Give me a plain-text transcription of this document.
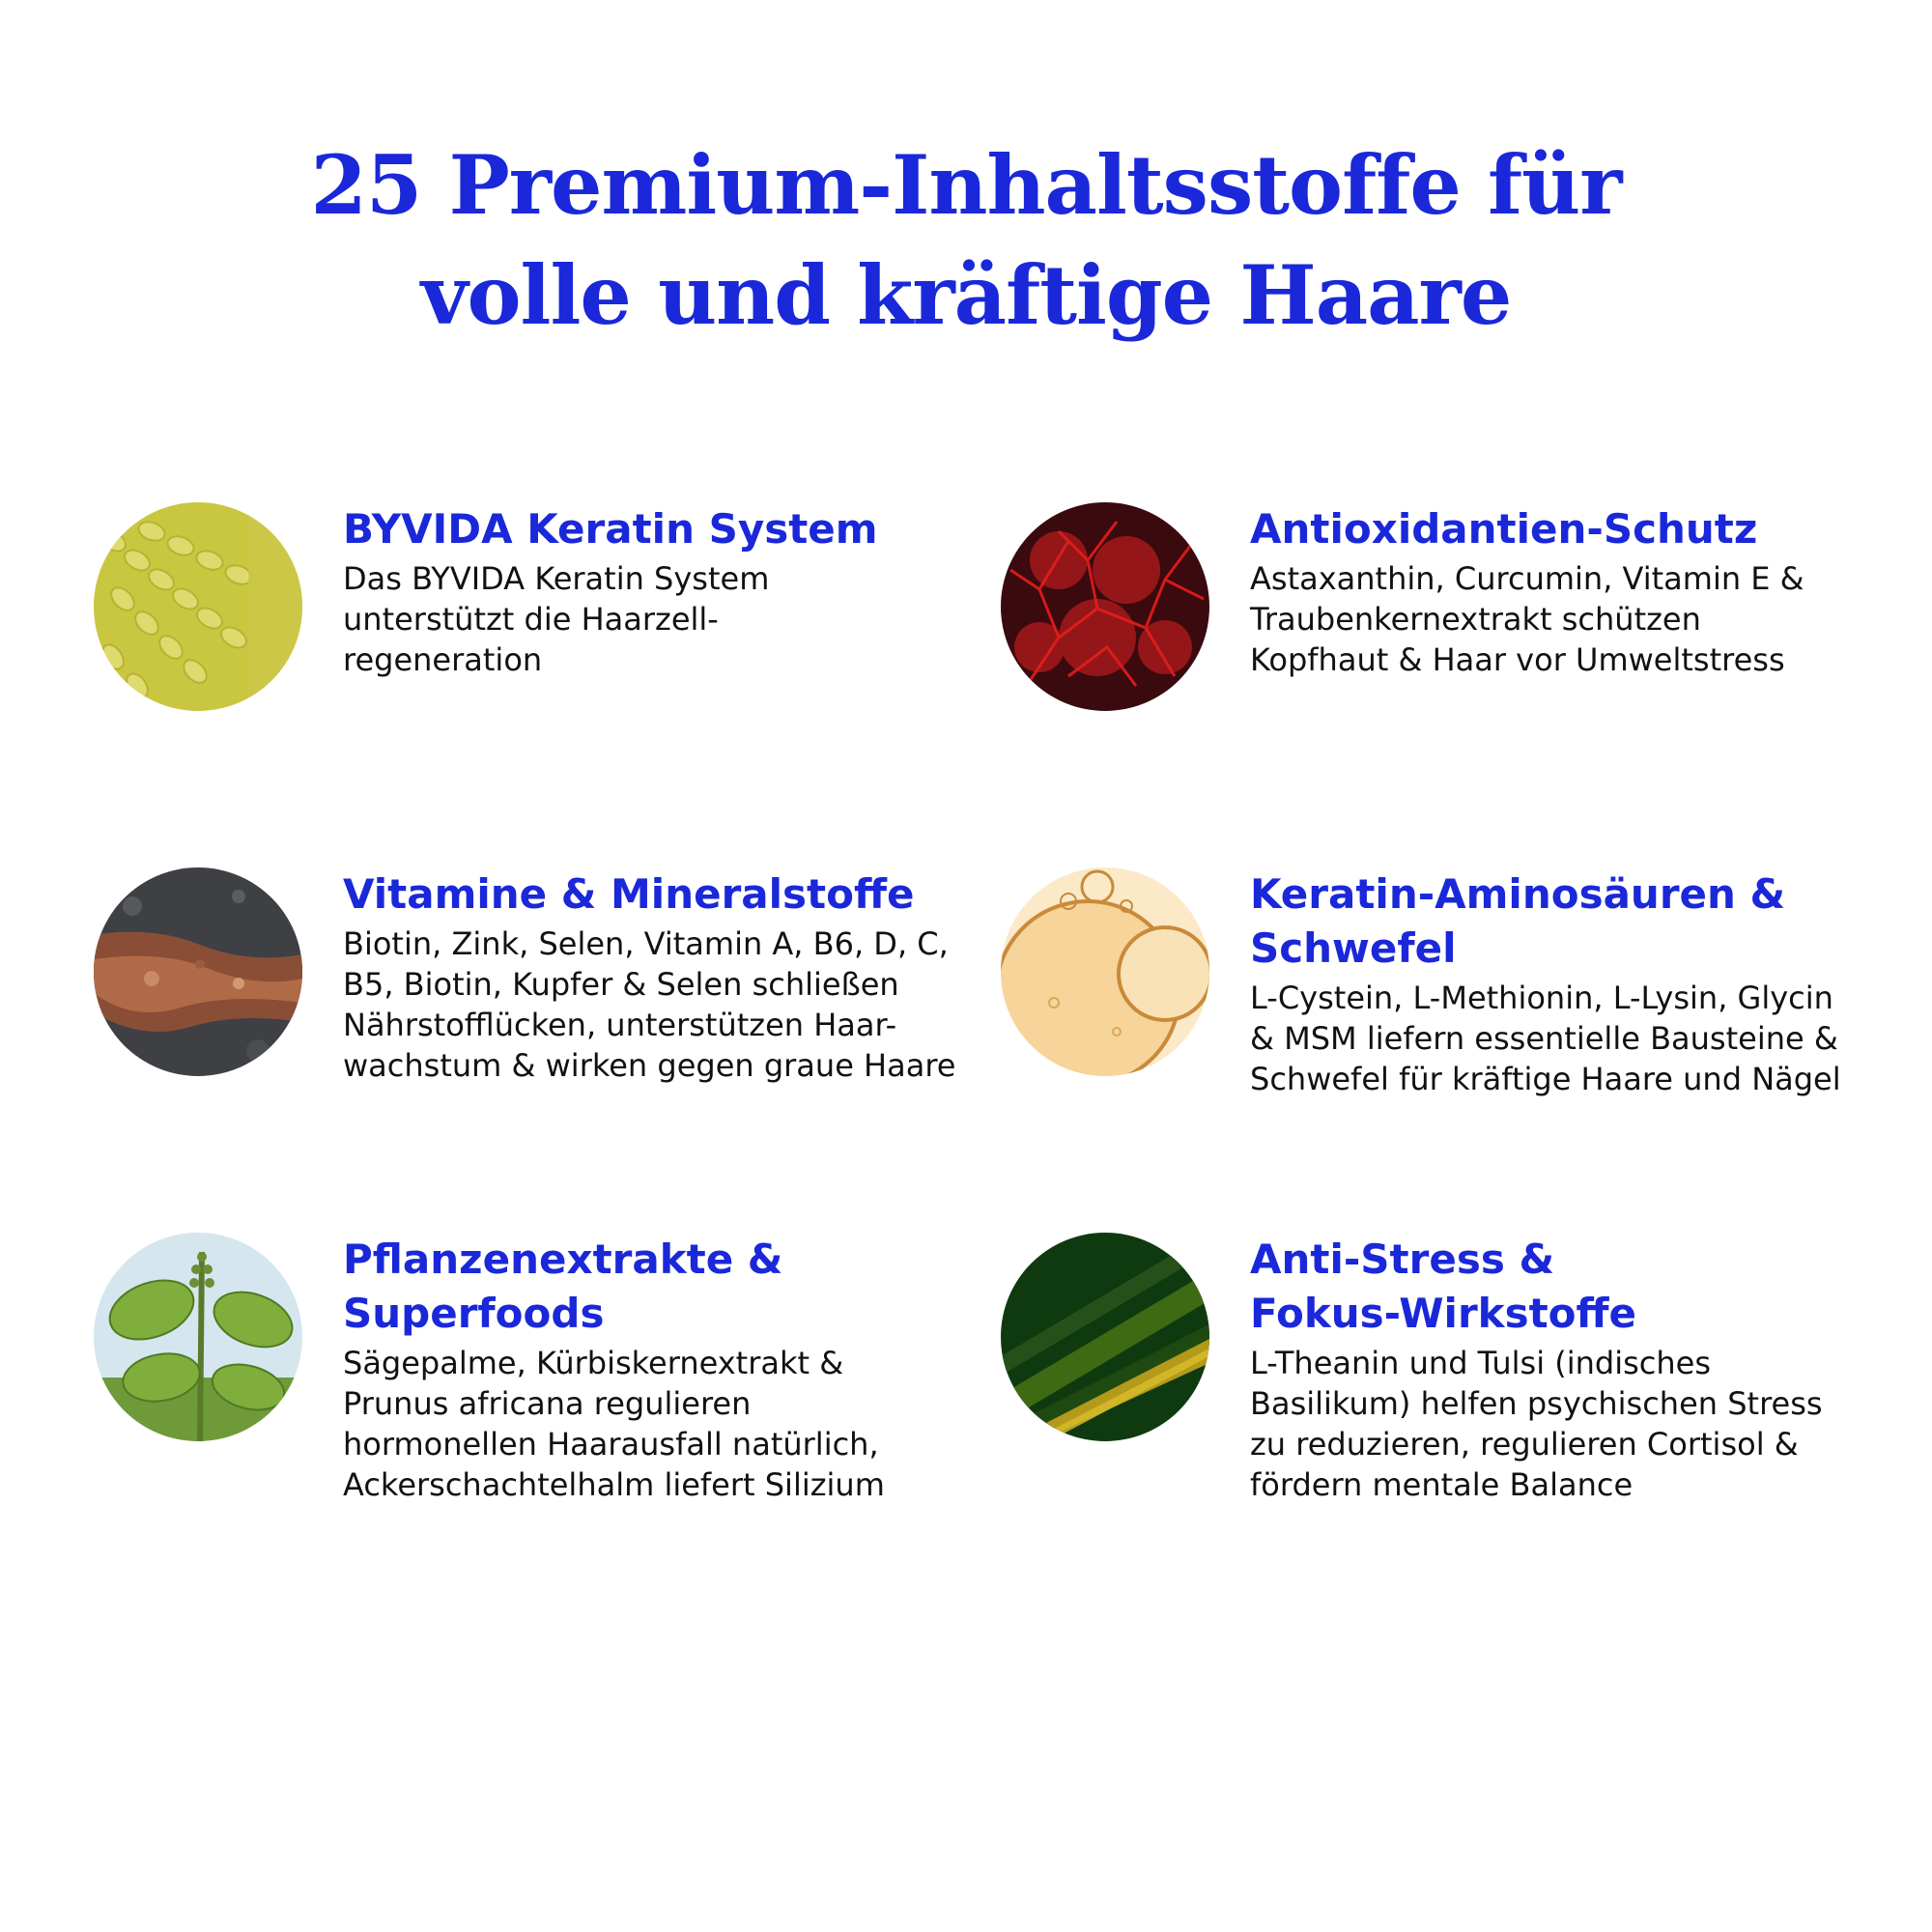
25 Premium-Inhaltsstoffe für
volle und kräftige Haare
BYVIDA Keratin System

Das BYVIDA Keratin System
unterstützt die Haarzell-
regeneration

Antioxidantien-Schutz

Astaxanthin, Curcumin, Vitamin E &
Traubenkernextrakt schützen
Kopfhaut & Haar vor Umweltstress

Vitamine & Mineralstoffe

Biotin, Zink, Selen, Vitamin A, B6, D, C,
B5, Biotin, Kupfer & Selen schließen
Nährstofflücken, unterstützen Haar-
wachstum & wirken gegen graue Haare

Keratin-Aminosäuren &
Schwefel

L-Cystein, L-Methionin, L-Lysin, Glycin
& MSM liefern essentielle Bausteine &
Schwefel für kräftige Haare und Nägel

Pflanzenextrakte &
Superfoods

Sägepalme, Kürbiskernextrakt &
Prunus africana regulieren
hormonellen Haarausfall natürlich,
Ackerschachtelhalm liefert Silizium

Anti-Stress &
Fokus-Wirkstoffe

L-Theanin und Tulsi (indisches
Basilikum) helfen psychischen Stress
zu reduzieren, regulieren Cortisol &
fördern mentale Balance
